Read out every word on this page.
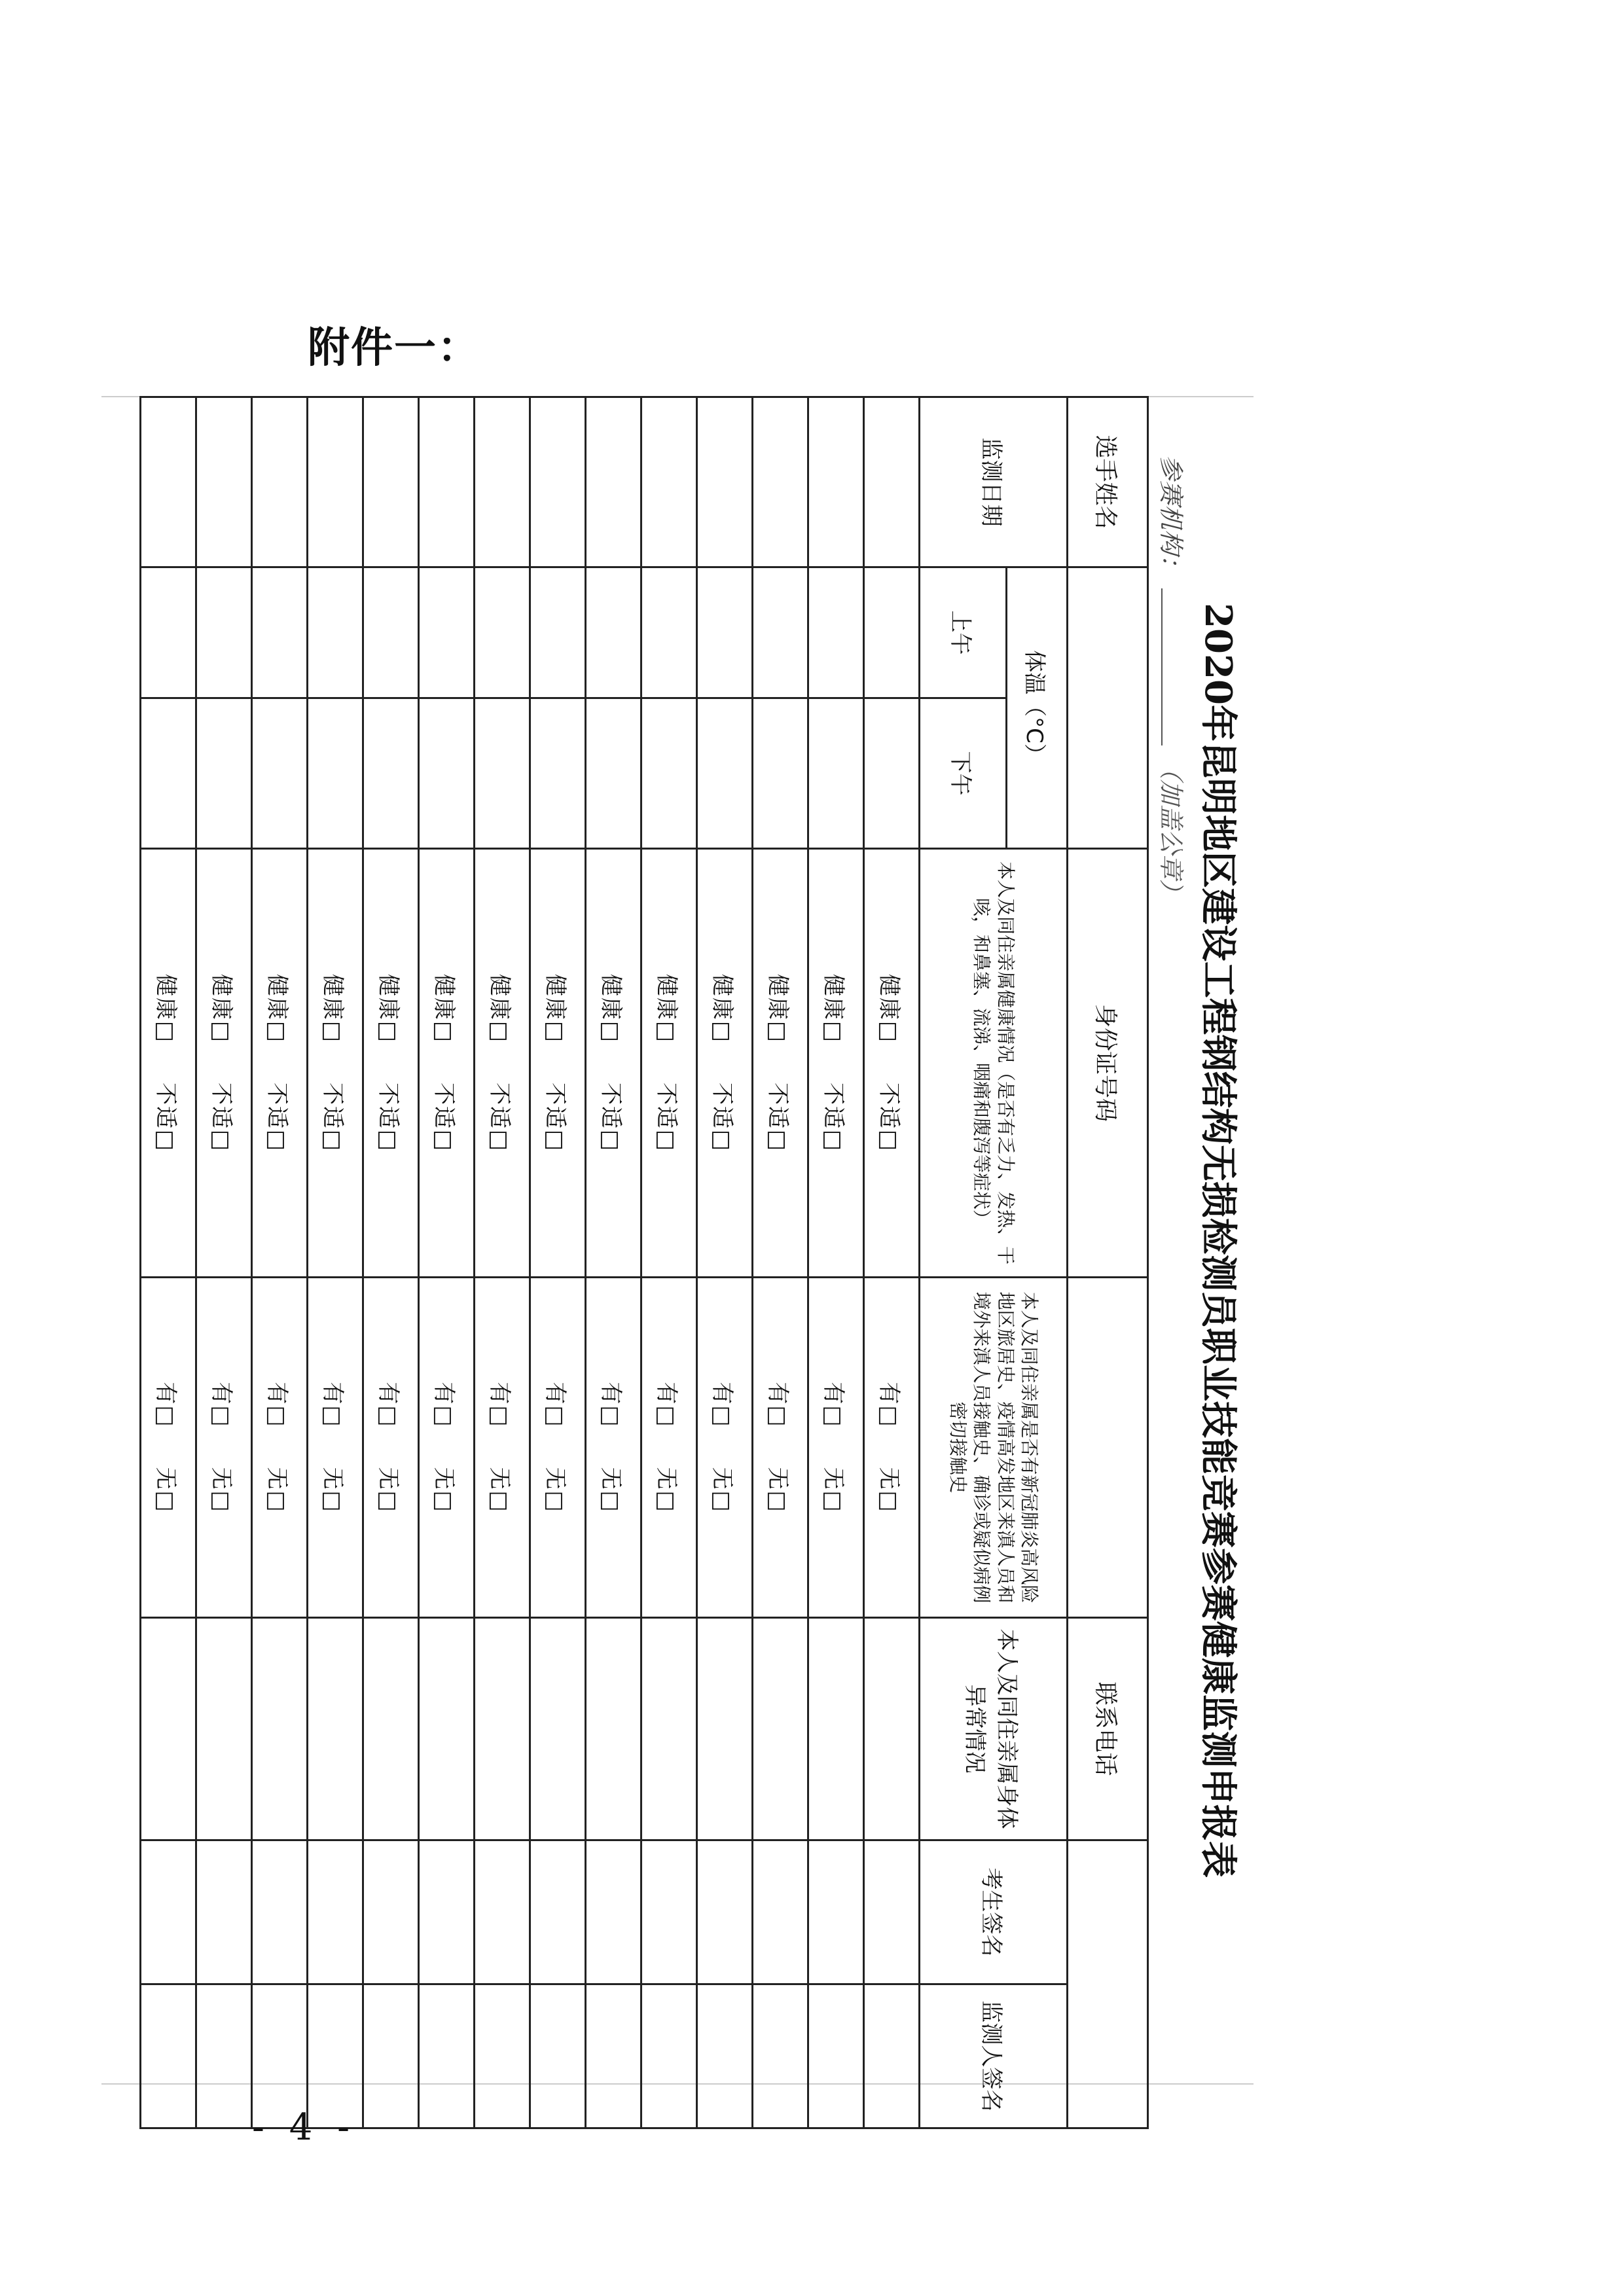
附件一：
2020年昆明地区建设工程钢结构无损检测员职业技能竞赛参赛健康监测申报表
参赛机构：
（加盖公章）
选手姓名			身份证号码		联系电话		
监测日期	体温（°C）		本人及同住亲属健康情况（是否有乏力、发热、干咳，和鼻塞、流涕、咽痛和腹泻等症状）	本人及同住亲属是否有新冠肺炎高风险地区旅居史、疫情高发地区来滇人员和境外来滇人员接触史、确诊或疑似病例密切接触史	本人及同住亲属身体异常情况	考生签名	监测人签名
	上午	下午					
			健康□不适□	有□无□			
			健康□不适□	有□无□			
			健康□不适□	有□无□			
			健康□不适□	有□无□			
			健康□不适□	有□无□			
			健康□不适□	有□无□			
			健康□不适□	有□无□			
			健康□不适□	有□无□			
			健康□不适□	有□无□			
			健康□不适□	有□无□			
			健康□不适□	有□无□			
			健康□不适□	有□无□			
			健康□不适□	有□无□			
			健康□不适□	有□无□			
- 4 -
